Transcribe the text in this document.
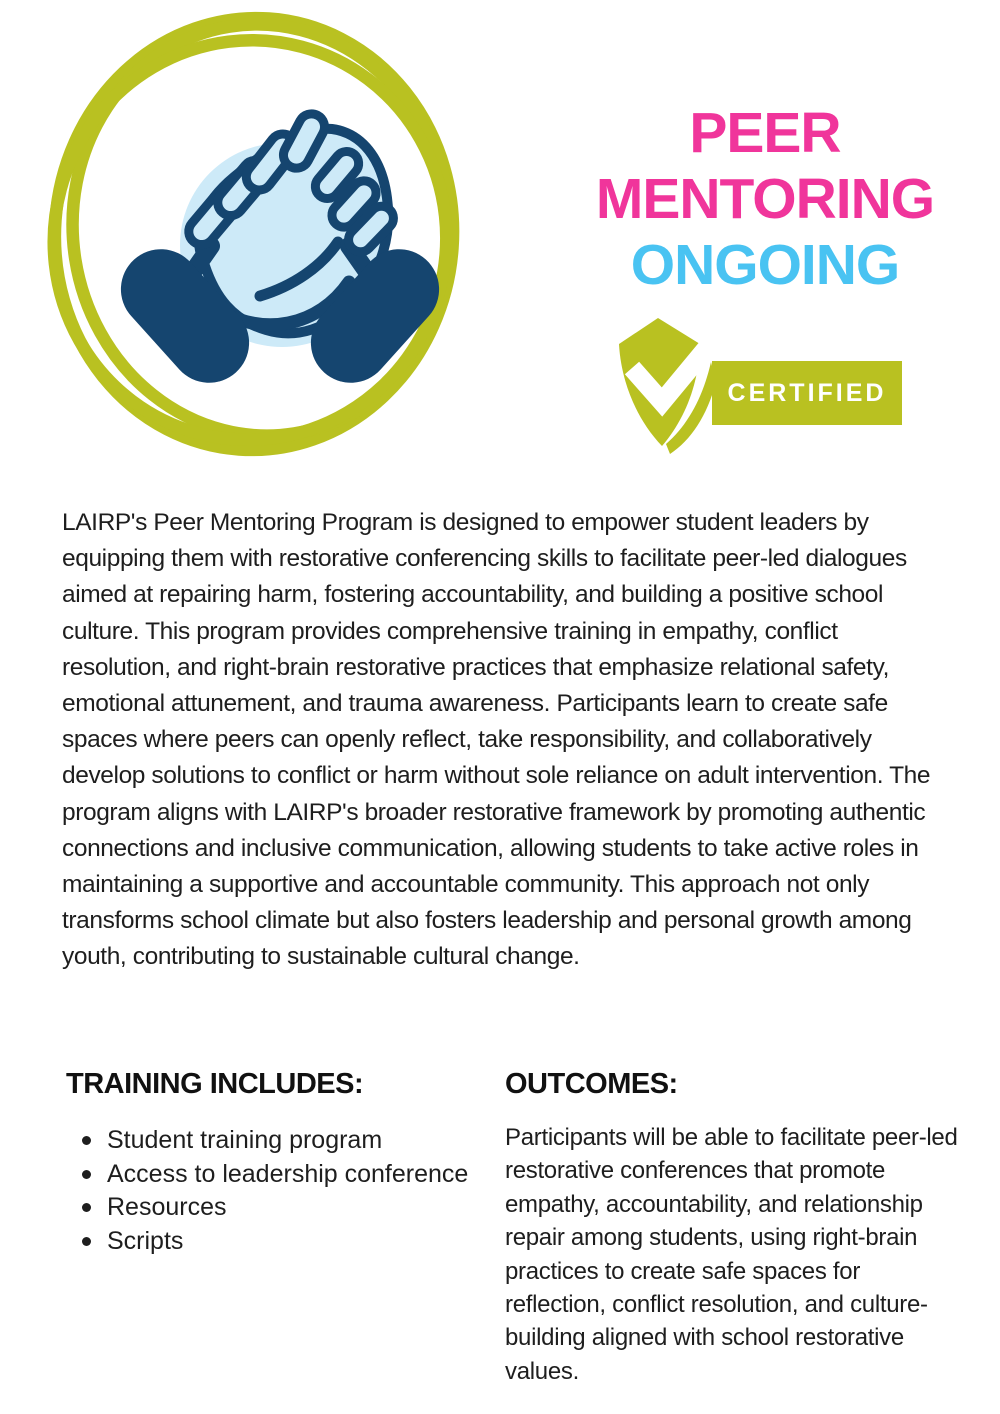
PEER
MENTORING
ONGOING
CERTIFIED

LAIRP's Peer Mentoring Program is designed to empower student leaders by equipping them with restorative conferencing skills to facilitate peer-led dialogues aimed at repairing harm, fostering accountability, and building a positive school culture. This program provides comprehensive training in empathy, conflict resolution, and right-brain restorative practices that emphasize relational safety, emotional attunement, and trauma awareness. Participants learn to create safe spaces where peers can openly reflect, take responsibility, and collaboratively develop solutions to conflict or harm without sole reliance on adult intervention. The program aligns with LAIRP's broader restorative framework by promoting authentic connections and inclusive communication, allowing students to take active roles in maintaining a supportive and accountable community. This approach not only transforms school climate but also fosters leadership and personal growth among youth, contributing to sustainable cultural change.

TRAINING INCLUDES:
Student training program
Access to leadership conference
Resources
Scripts
OUTCOMES:

Participants will be able to facilitate peer-led restorative conferences that promote empathy, accountability, and relationship repair among students, using right-brain practices to create safe spaces for reflection, conflict resolution, and culture-building aligned with school restorative values.
